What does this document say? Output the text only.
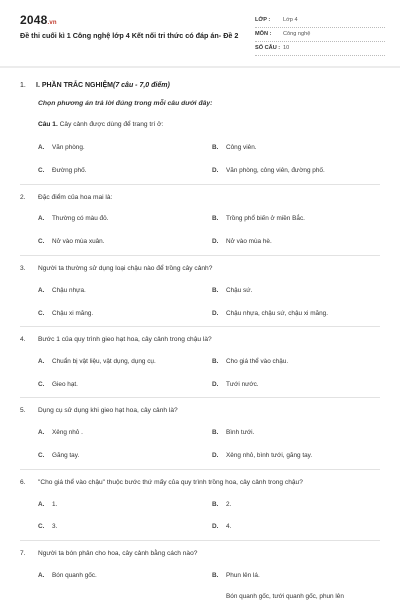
2048.vn
Đề thi cuối kì 1 Công nghệ lớp 4 Kết nối tri thức có đáp án- Đề 2
LỚP : Lớp 4
MÔN : Công nghệ
SỐ CÂU : 10
1. I. PHẦN TRẮC NGHIỆM(7 câu - 7,0 điểm)
Chọn phương án trả lời đúng trong mỗi câu dưới đây:
Câu 1. Cây cảnh được dùng để trang trí ở:
A. Văn phòng.	B. Công viên.
C. Đường phố.	D. Văn phòng, công viên, đường phố.
2. Đặc điểm của hoa mai là:
A. Thường có màu đỏ.	B. Trồng phổ biến ở miền Bắc.
C. Nở vào mùa xuân.	D. Nở vào mùa hè.
3. Người ta thường sử dụng loại chậu nào để trồng cây cảnh?
A. Chậu nhựa.	B. Chậu sứ.
C. Chậu xi măng.	D. Chậu nhựa, chậu sứ, chậu xi măng.
4. Bước 1 của quy trình gieo hạt hoa, cây cảnh trong chậu là?
A. Chuẩn bị vật liệu, vật dụng, dụng cụ.	B. Cho giá thể vào chậu.
C. Gieo hạt.	D. Tưới nước.
5. Dụng cụ sử dụng khi gieo hạt hoa, cây cảnh là?
A. Xẻng nhỏ .	B. Bình tưới.
C. Găng tay.	D. Xẻng nhỏ, bình tưới, găng tay.
6. "Cho giá thể vào chậu" thuộc bước thứ mấy của quy trình trồng hoa, cây cảnh trong chậu?
A. 1.	B. 2.
C. 3.	D. 4.
7. Người ta bón phân cho hoa, cây cảnh bằng cách nào?
A. Bón quanh gốc.	B. Phun lên lá.
Bón quanh gốc, tưới quanh gốc, phun lên
